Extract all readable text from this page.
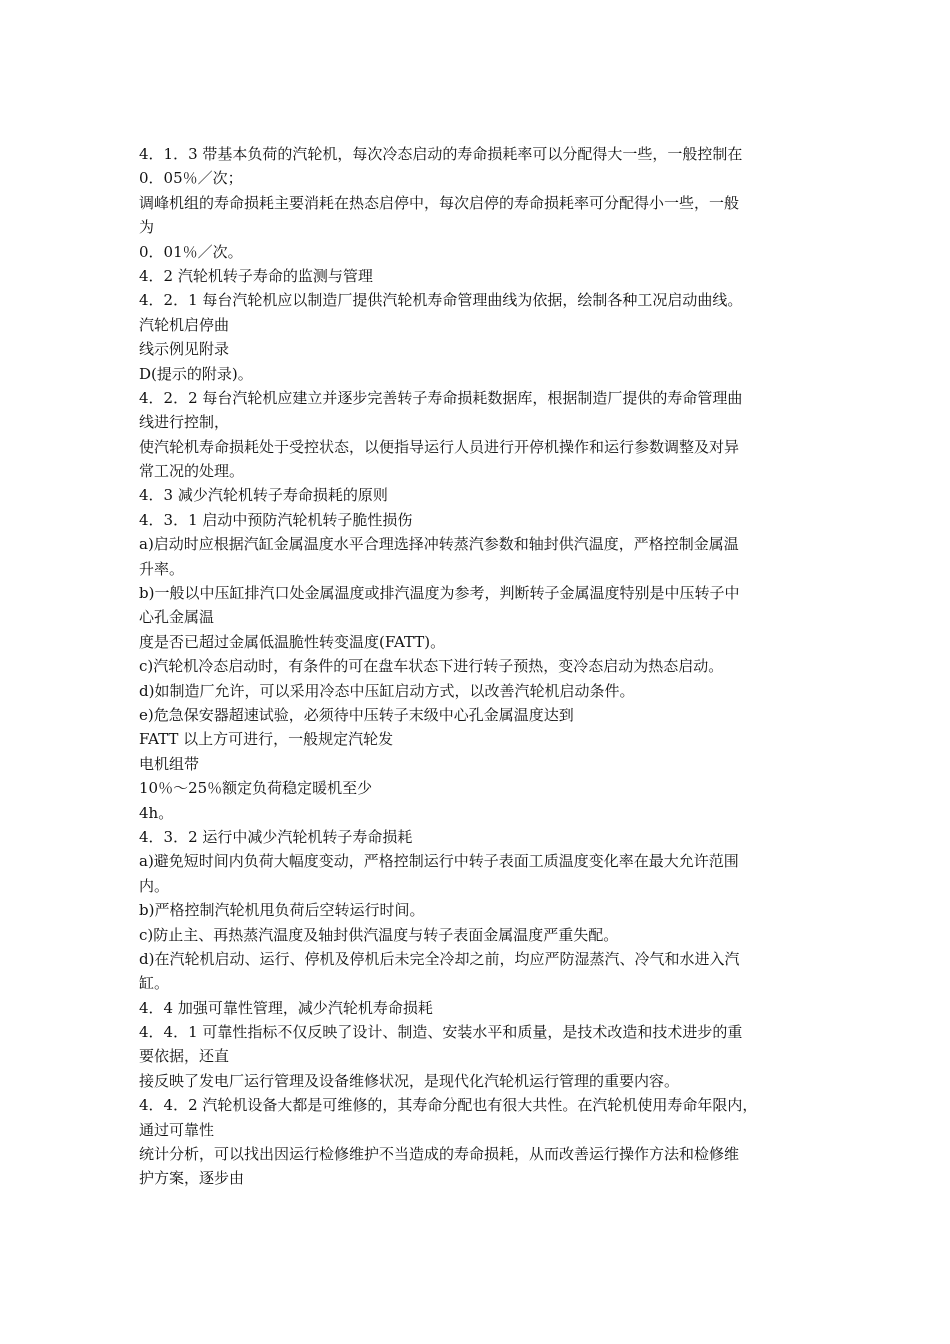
4．1．3 带基本负荷的汽轮机，每次冷态启动的寿命损耗率可以分配得大一些，一般控制在
0．05％／次；
调峰机组的寿命损耗主要消耗在热态启停中，每次启停的寿命损耗率可分配得小一些，一般
为
0．01％／次。
4．2 汽轮机转子寿命的监测与管理
4．2．1 每台汽轮机应以制造厂提供汽轮机寿命管理曲线为依据，绘制各种工况启动曲线。
汽轮机启停曲
线示例见附录
D(提示的附录)。
4．2．2 每台汽轮机应建立并逐步完善转子寿命损耗数据库，根据制造厂提供的寿命管理曲
线进行控制，
使汽轮机寿命损耗处于受控状态，以便指导运行人员进行开停机操作和运行参数调整及对异
常工况的处理。
4．3 减少汽轮机转子寿命损耗的原则
4．3．1 启动中预防汽轮机转子脆性损伤
a)启动时应根据汽缸金属温度水平合理选择冲转蒸汽参数和轴封供汽温度，严格控制金属温
升率。
b)一般以中压缸排汽口处金属温度或排汽温度为参考，判断转子金属温度特别是中压转子中
心孔金属温
度是否已超过金属低温脆性转变温度(FATT)。
c)汽轮机冷态启动时，有条件的可在盘车状态下进行转子预热，变冷态启动为热态启动。
d)如制造厂允许，可以采用冷态中压缸启动方式，以改善汽轮机启动条件。
e)危急保安器超速试验，必须待中压转子末级中心孔金属温度达到
FATT 以上方可进行，一般规定汽轮发
电机组带
10％～25％额定负荷稳定暖机至少
4h。
4．3．2 运行中减少汽轮机转子寿命损耗
a)避免短时间内负荷大幅度变动，严格控制运行中转子表面工质温度变化率在最大允许范围
内。
b)严格控制汽轮机甩负荷后空转运行时间。
c)防止主、再热蒸汽温度及轴封供汽温度与转子表面金属温度严重失配。
d)在汽轮机启动、运行、停机及停机后未完全冷却之前，均应严防湿蒸汽、冷气和水进入汽
缸。
4．4 加强可靠性管理，减少汽轮机寿命损耗
4．4．1 可靠性指标不仅反映了设计、制造、安装水平和质量，是技术改造和技术进步的重
要依据，还直
接反映了发电厂运行管理及设备维修状况，是现代化汽轮机运行管理的重要内容。
4．4．2 汽轮机设备大都是可维修的，其寿命分配也有很大共性。在汽轮机使用寿命年限内，
通过可靠性
统计分析，可以找出因运行检修维护不当造成的寿命损耗，从而改善运行操作方法和检修维
护方案，逐步由
